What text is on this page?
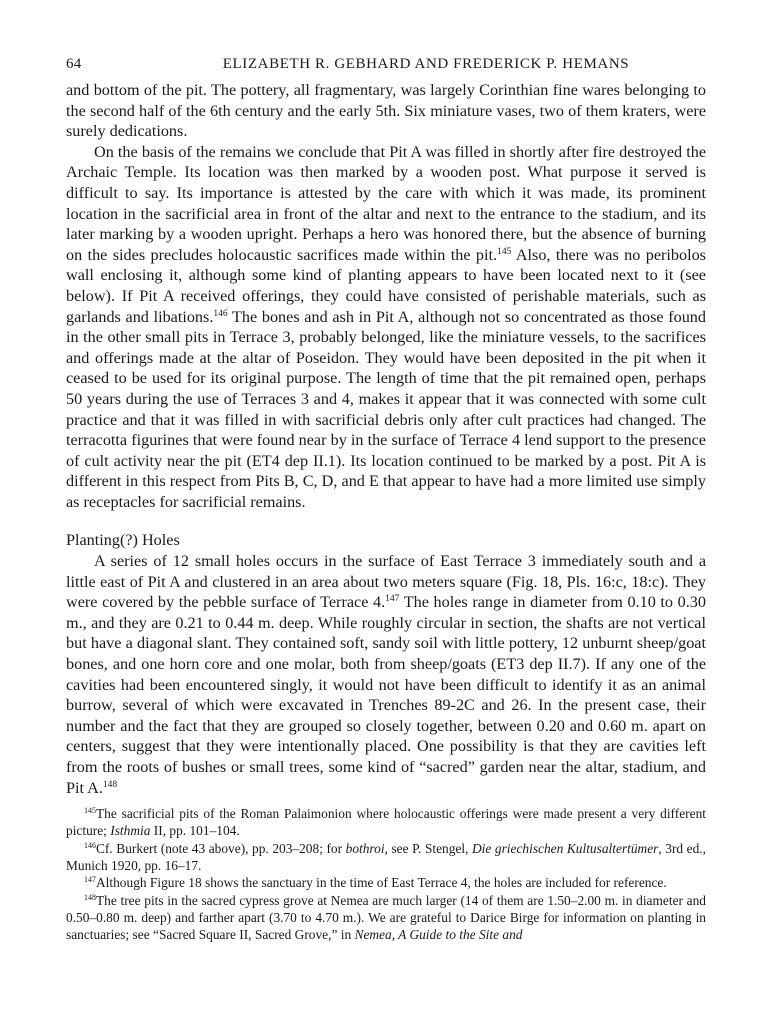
64	ELIZABETH R. GEBHARD AND FREDERICK P. HEMANS

and bottom of the pit. The pottery, all fragmentary, was largely Corinthian fine wares belonging to the second half of the 6th century and the early 5th. Six miniature vases, two of them kraters, were surely dedications.

On the basis of the remains we conclude that Pit A was filled in shortly after fire destroyed the Archaic Temple. Its location was then marked by a wooden post. What purpose it served is difficult to say. Its importance is attested by the care with which it was made, its prominent location in the sacrificial area in front of the altar and next to the entrance to the stadium, and its later marking by a wooden upright. Perhaps a hero was honored there, but the absence of burning on the sides precludes holocaustic sacrifices made within the pit.$^{145}$ Also, there was no peribolos wall enclosing it, although some kind of planting appears to have been located next to it (see below). If Pit A received offerings, they could have consisted of perishable materials, such as garlands and libations.$^{146}$ The bones and ash in Pit A, although not so concentrated as those found in the other small pits in Terrace 3, probably belonged, like the miniature vessels, to the sacrifices and offerings made at the altar of Poseidon. They would have been deposited in the pit when it ceased to be used for its original purpose. The length of time that the pit remained open, perhaps 50 years during the use of Terraces 3 and 4, makes it appear that it was connected with some cult practice and that it was filled in with sacrificial debris only after cult practices had changed. The terracotta figurines that were found near by in the surface of Terrace 4 lend support to the presence of cult activity near the pit (ET4 dep II.1). Its location continued to be marked by a post. Pit A is different in this respect from Pits B, C, D, and E that appear to have had a more limited use simply as receptacles for sacrificial remains.

Planting(?) Holes

A series of 12 small holes occurs in the surface of East Terrace 3 immediately south and a little east of Pit A and clustered in an area about two meters square (Fig. 18, Pls. 16:c, 18:c). They were covered by the pebble surface of Terrace 4.$^{147}$ The holes range in diameter from 0.10 to 0.30 m., and they are 0.21 to 0.44 m. deep. While roughly circular in section, the shafts are not vertical but have a diagonal slant. They contained soft, sandy soil with little pottery, 12 unburnt sheep/goat bones, and one horn core and one molar, both from sheep/goats (ET3 dep II.7). If any one of the cavities had been encountered singly, it would not have been difficult to identify it as an animal burrow, several of which were excavated in Trenches 89-2C and 26. In the present case, their number and the fact that they are grouped so closely together, between 0.20 and 0.60 m. apart on centers, suggest that they were intentionally placed. One possibility is that they are cavities left from the roots of bushes or small trees, some kind of “sacred” garden near the altar, stadium, and Pit A.$^{148}$

$^{145}$The sacrificial pits of the Roman Palaimonion where holocaustic offerings were made present a very different picture; Isthmia II, pp. 101–104.

$^{146}$Cf. Burkert (note 43 above), pp. 203–208; for bothroi, see P. Stengel, Die griechischen Kultusaltertümer, 3rd ed., Munich 1920, pp. 16–17.

$^{147}$Although Figure 18 shows the sanctuary in the time of East Terrace 4, the holes are included for reference.

$^{148}$The tree pits in the sacred cypress grove at Nemea are much larger (14 of them are 1.50–2.00 m. in diameter and 0.50–0.80 m. deep) and farther apart (3.70 to 4.70 m.). We are grateful to Darice Birge for information on planting in sanctuaries; see “Sacred Square II, Sacred Grove,” in Nemea, A Guide to the Site and
